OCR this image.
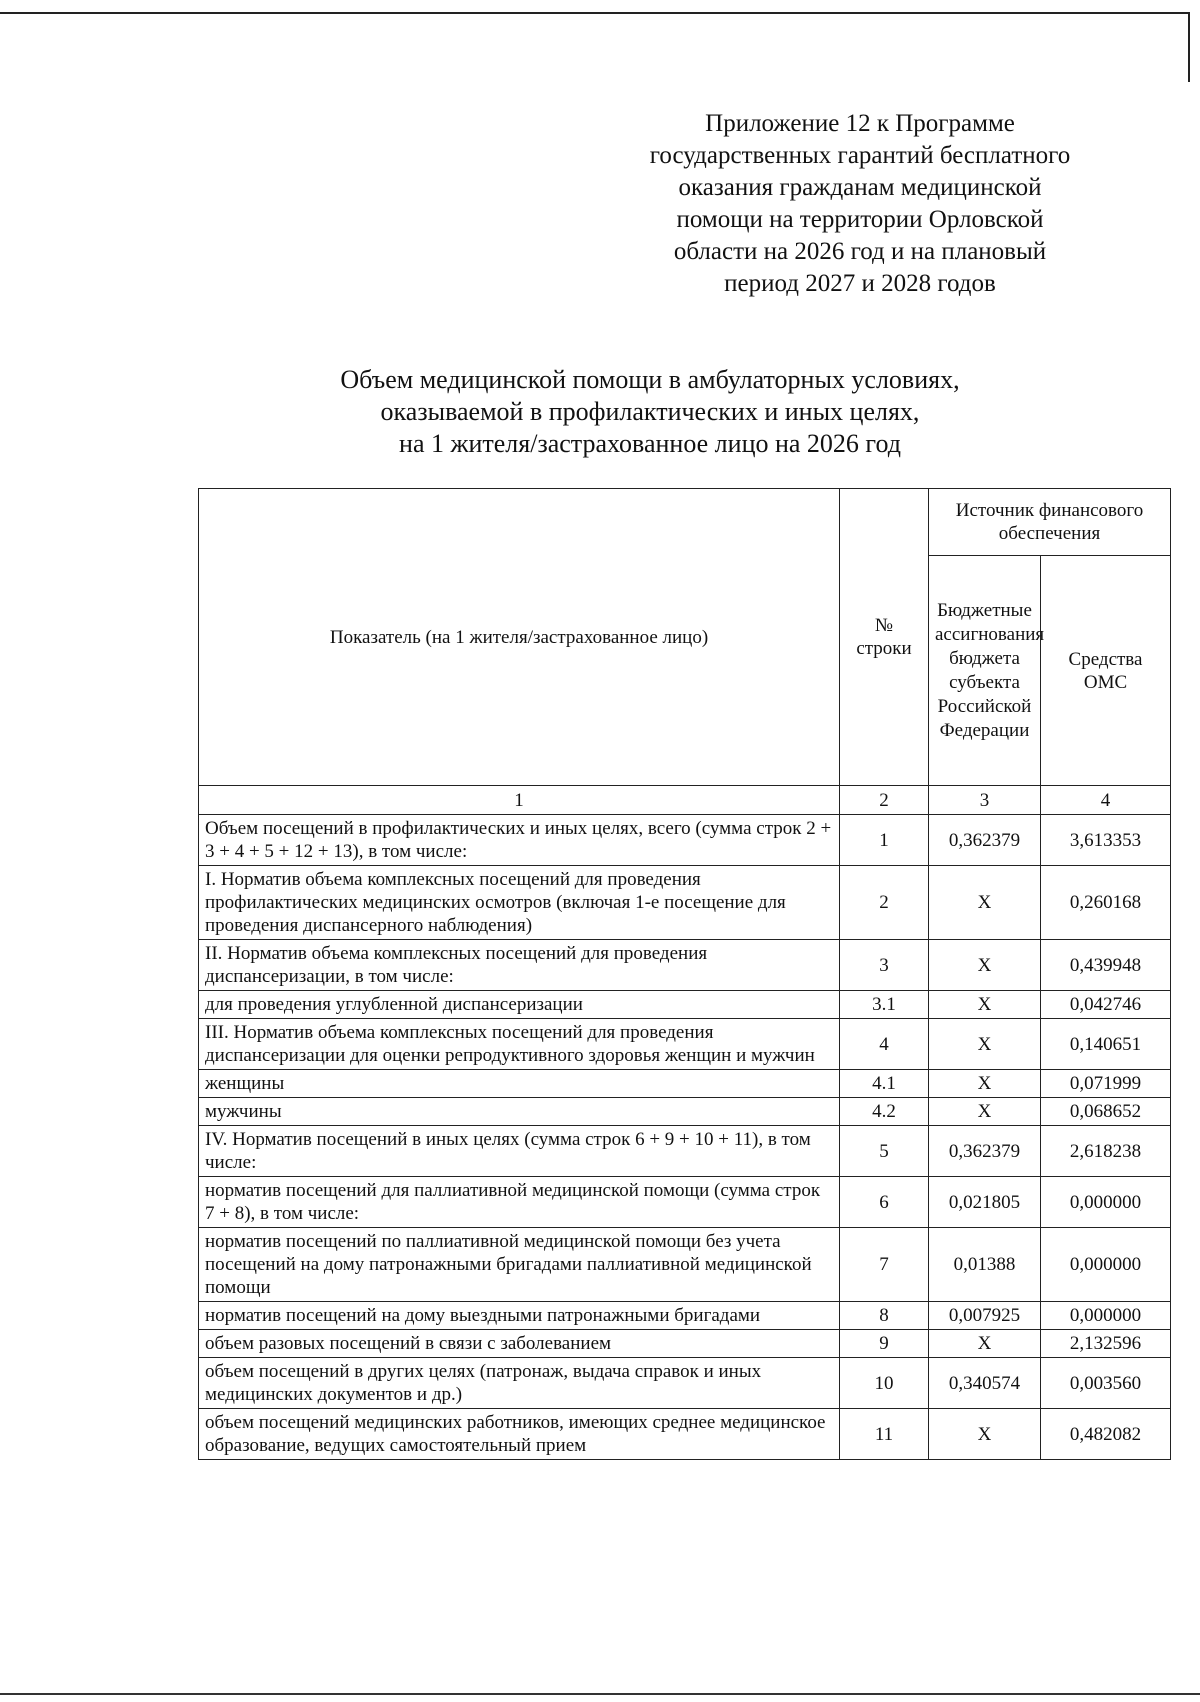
Приложение 12 к Программе
государственных гарантий бесплатного
оказания гражданам медицинской
помощи на территории Орловской
области на 2026 год и на плановый
период 2027 и 2028 годов
Объем медицинской помощи в амбулаторных условиях,
оказываемой в профилактических и иных целях,
на 1 жителя/застрахованное лицо на 2026 год
Показатель (на 1 жителя/застрахованное лицо)	№ строки	Источник финансового обеспечения	
		Бюджетные ассигнования бюджета субъекта Российской Федерации	Средства ОМС
1	2	3	4
Объем посещений в профилактических и иных целях, всего (сумма строк 2 + 3 + 4 + 5 + 12 + 13), в том числе:	1	0,362379	3,613353
I. Норматив объема комплексных посещений для проведения профилактических медицинских осмотров (включая 1-е посещение для проведения диспансерного наблюдения)	2	Х	0,260168
II. Норматив объема комплексных посещений для проведения диспансеризации, в том числе:	3	Х	0,439948
для проведения углубленной диспансеризации	3.1	Х	0,042746
III. Норматив объема комплексных посещений для проведения диспансеризации для оценки репродуктивного здоровья женщин и мужчин	4	Х	0,140651
женщины	4.1	Х	0,071999
мужчины	4.2	Х	0,068652
IV. Норматив посещений в иных целях (сумма строк 6 + 9 + 10 + 11), в том числе:	5	0,362379	2,618238
норматив посещений для паллиативной медицинской помощи (сумма строк 7 + 8), в том числе:	6	0,021805	0,000000
норматив посещений по паллиативной медицинской помощи без учета посещений на дому патронажными бригадами паллиативной медицинской помощи	7	0,01388	0,000000
норматив посещений на дому выездными патронажными бригадами	8	0,007925	0,000000
объем разовых посещений в связи с заболеванием	9	Х	2,132596
объем посещений в других целях (патронаж, выдача справок и иных медицинских документов и др.)	10	0,340574	0,003560
объем посещений медицинских работников, имеющих среднее медицинское образование, ведущих самостоятельный прием	11	Х	0,482082
